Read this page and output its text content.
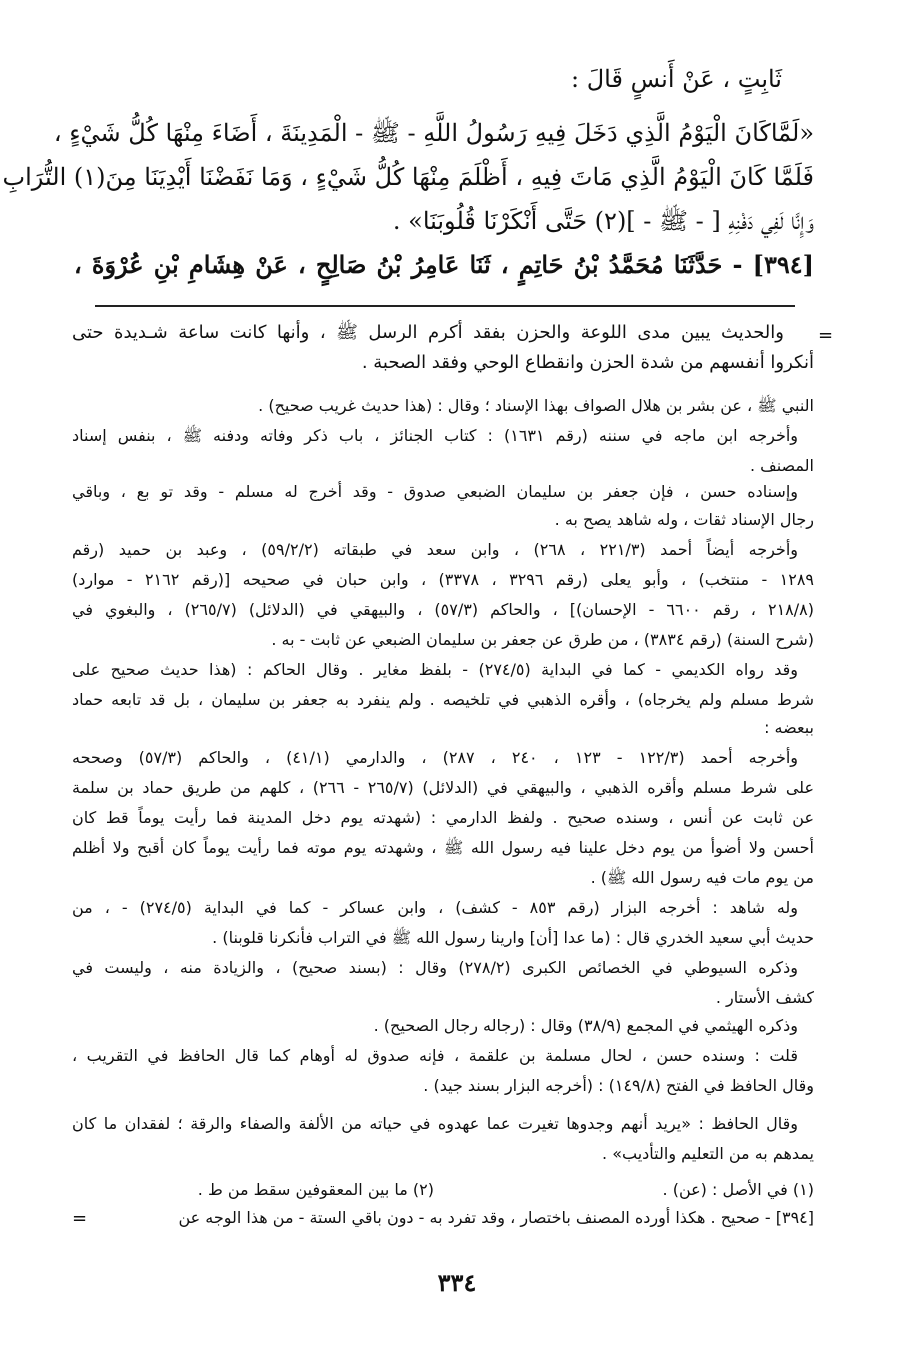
ثَابِتٍ ، عَنْ أَنسٍ قَالَ :
«لَمَّاكَانَ الْيَوْمُ الَّذِي دَخَلَ فِيهِ رَسُولُ اللَّهِ - ﷺ - الْمَدِينَةَ ، أَضَاءَ مِنْهَا كُلُّ شَيْءٍ ،
فَلَمَّا كَانَ الْيَوْمُ الَّذِي مَاتَ فِيهِ ، أَظْلَمَ مِنْهَا كُلُّ شَيْءٍ ، وَمَا نَفَضْنَا أَيْدِيَنَا مِنَ(١) التُّرَابِ
وَإِنَّا لَفِي دَفْنِهِ [ - ﷺ - ](٢) حَتَّى أَنْكَرْنَا قُلُوبَنَا» .
[٣٩٤] - حَدَّثَنَا مُحَمَّدُ بْنُ حَاتِمٍ ، ثَنَا عَامِرُ بْنُ صَالِحٍ ، عَنْ هِشَامِ بْنِ عُرْوَةَ ،
=
والحديث يبين مدى اللوعة والحزن بفقد أكرم الرسل ﷺ ، وأنها كانت ساعة شـديدة حتى
أنكروا أنفسهم من شدة الحزن وانقطاع الوحي وفقد الصحبة .
النبي ﷺ ، عن بشر بن هلال الصواف بهذا الإسناد ؛ وقال : (هذا حديث غريب صحيح) .
وأخرجه ابن ماجه في سننه (رقم ١٦٣١) : كتاب الجنائز ، باب ذكر وفاته ودفنه ﷺ ، بنفس إسناد
المصنف .
وإسناده حسن ، فإن جعفر بن سليمان الضبعي صدوق - وقد أخرج له مسلم - وقد تو بع ، وباقي
رجال الإسناد ثقات ، وله شاهد يصح به .
وأخرجه أيضاً أحمد (٢٢١/٣ ، ٢٦٨) ، وابن سعد في طبقاته (٥٩/٢/٢) ، وعبد بن حميد (رقم
١٢٨٩ - منتخب) ، وأبو يعلى (رقم ٣٢٩٦ ، ٣٣٧٨) ، وابن حبان في صحيحه [(رقم ٢١٦٢ - موارد)
(٢١٨/٨ ، رقم ٦٦٠٠ - الإحسان)] ، والحاكم (٥٧/٣) ، والبيهقي في (الدلائل) (٢٦٥/٧) ، والبغوي في
(شرح السنة) (رقم ٣٨٣٤) ، من طرق عن جعفر بن سليمان الضبعي عن ثابت - به .
وقد رواه الكديمي - كما في البداية (٢٧٤/٥) - بلفظ مغاير . وقال الحاكم : (هذا حديث صحيح على
شرط مسلم ولم يخرجاه) ، وأقره الذهبي في تلخيصه . ولم ينفرد به جعفر بن سليمان ، بل قد تابعه حماد
ببعضه :
وأخرجه أحمد (١٢٢/٣ - ١٢٣ ، ٢٤٠ ، ٢٨٧) ، والدارمي (٤١/١) ، والحاكم (٥٧/٣) وصححه
على شرط مسلم وأقره الذهبي ، والبيهقي في (الدلائل) (٢٦٥/٧ - ٢٦٦) ، كلهم من طريق حماد بن سلمة
عن ثابت عن أنس ، وسنده صحيح . ولفظ الدارمي : (شهدته يوم دخل المدينة فما رأيت يوماً قط كان
أحسن ولا أضوأ من يوم دخل علينا فيه رسول الله ﷺ ، وشهدته يوم موته فما رأيت يوماً كان أقبح ولا أظلم
من يوم مات فيه رسول الله ﷺ) .
وله شاهد : أخرجه البزار (رقم ٨٥٣ - كشف) ، وابن عساكر - كما في البداية (٢٧٤/٥) - ، من
حديث أبي سعيد الخدري قال : (ما عدا [أن] وارينا رسول الله ﷺ في التراب فأنكرنا قلوبنا) .
وذكره السيوطي في الخصائص الكبرى (٢٧٨/٢) وقال : (بسند صحيح) ، والزيادة منه ، وليست في
كشف الأستار .
وذكره الهيثمي في المجمع (٣٨/٩) وقال : (رجاله رجال الصحيح) .
قلت : وسنده حسن ، لحال مسلمة بن علقمة ، فإنه صدوق له أوهام كما قال الحافظ في التقريب ،
وقال الحافظ في الفتح (١٤٩/٨) : (أخرجه البزار بسند جيد) .
وقال الحافظ : «يريد أنهم وجدوها تغيرت عما عهدوه في حياته من الألفة والصفاء والرقة ؛ لفقدان ما كان
يمدهم به من التعليم والتأديب» .
(١) في الأصل : (عن) .
(٢) ما بين المعقوفين سقط من ط .
[٣٩٤] - صحيح . هكذا أورده المصنف باختصار ، وقد تفرد به - دون باقي الستة - من هذا الوجه عن
=
٣٣٤
